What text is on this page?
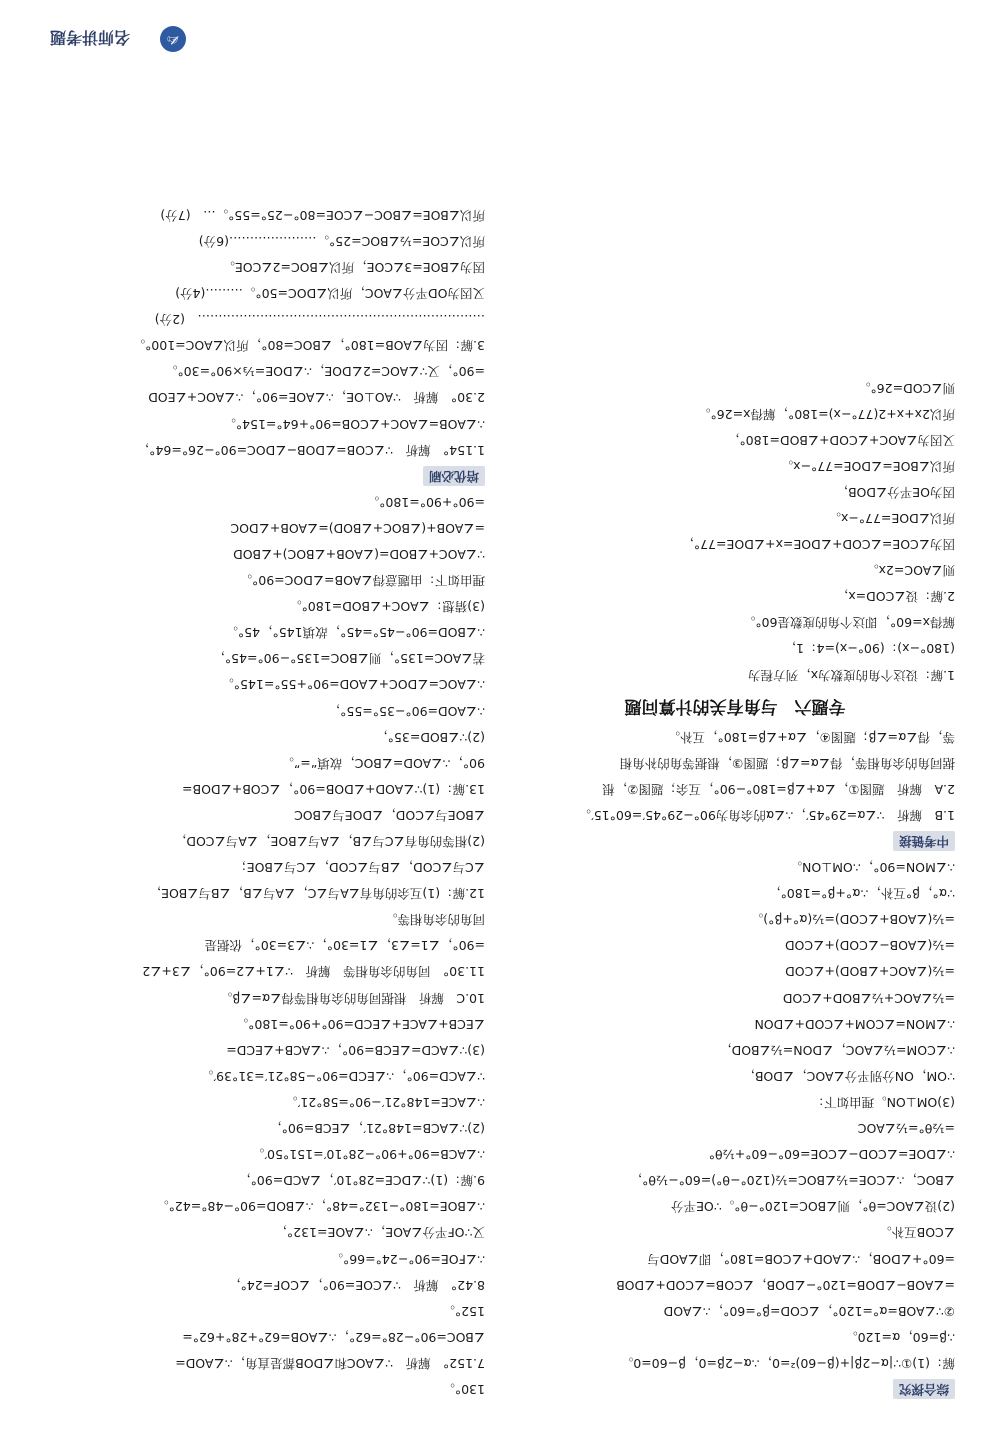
综合探究
解：(1)①∵|α−2β|+(β−60)²=0，∴α−2β=0，β−60=0。
∴β=60，α=120。
②∵∠AOB=α°=120°，∠COD=β°=60°，∴∠AOD
=∠AOB−∠DOB=120°−∠DOB，∠COB=∠COD+∠DOB
=60°+∠DOB，∴∠AOD+∠COB=180°，即∠AOD与
∠COB互补。
(2)设∠AOC=θ°，则∠BOC=120°−θ°。∵OE平分
∠BOC，∴∠COE=½∠BOC=½(120°−θ°)=60°−½θ°，
∴∠DOE=∠COD−∠COE=60°−60°+½θ°
=½θ°=½∠AOC
(3)OM⊥ON。理由如下：
∵OM，ON分别平分∠AOC，∠DOB，
∴∠COM=½∠AOC，∠DON=½∠BOD，
∴∠MON=∠COM+∠COD+∠DON
=½∠AOC+½∠BOD+∠COD
=½(∠AOC+∠BOD)+∠COD
=½(∠AOB−∠COD)+∠COD
=½(∠AOB+∠COD)=½(α°+β°)。
∵α°，β°互补，∴α°+β°=180°，
∴∠MON=90°，∴OM⊥ON。
中考链接
1.B　解析　∵∠α=29°45′，∴∠α的余角为90°−29°45′=60°15′。
2.A　解析　题图①，∠α+∠β=180°−90°，互余；题图②，根
据同角的余角相等，得∠α=∠β；题图③，根据等角的补角相
等，得∠α=∠β；题图④，∠α+∠β=180°，互补。
专题六　与角有关的计算问题
1.解：设这个角的度数为x，列方程为
(180°−x)：(90°−x)=4：1，
解得x=60°，即这个角的度数是60°。
2.解：设∠COD=x，
则∠AOC=2x。
因为∠COE=∠COD+∠DOE=x+∠DOE=77°，
所以∠DOE=77°−x。
因为OE平分∠DOB，
所以∠BOE=∠DOE=77°−x。
又因为∠AOC+∠COD+∠BOD=180°，
所以2x+x+2(77°−x)=180°，解得x=26°。
则∠COD=26°。
130°。
7.152°　解析　∵∠AOC和∠DOB都是直角，∴∠AOD=
∠BOC=90°−28°=62°，∴∠AOB=62°+28°+62°=
152°。
8.42°　解析　∵∠COE=90°，∠COF=24°，
∴∠FOE=90°−24°=66°。
又∵OF平分∠AOE，∴∠AOE=132°，
∴∠BOE=180°−132°=48°，∴∠BOD=90°−48°=42°。
9.解：(1)∵∠DCE=28°10′，∠ACD=90°，
∴∠ACB=90°+90°−28°10′=151°50′。
(2)∵∠ACB=148°21′，∠ECB=90°，
∴∠ACE=148°21′−90°=58°21′。
∵∠ACD=90°，∴∠ECD=90°−58°21′=31°39′。
(3)∵∠ACD=∠ECB=90°，∴∠ACB+∠ECD=
∠ECB+∠ACE+∠ECD=90°+90°=180°。
10.C　解析　根据同角的余角相等得∠α=∠β。
11.30°　同角的余角相等　解析　∵∠1+∠2=90°，∠3+∠2
=90°，∠1=∠3，∠1=30°，∴∠3=30°，依据是
同角的余角相等。
12.解：(1)互余的角有∠A与∠C，∠A与∠B，∠B与∠BOE，
∠C与∠COD，∠B与∠COD，∠C与∠BOE；
(2)相等的角有∠C与∠B，∠A与∠BOE，∠A与∠COD，
∠BOE与∠COD，∠DOE与∠BOC
13.解：(1)∵∠AOD+∠DOB=90°，∠COB+∠DOB=
90°，∴∠AOD=∠BOC，故填“=”。
(2)∵∠BOD=35°，
∴∠AOD=90°−35°=55°，
∴∠AOC=∠DOC+∠AOD=90°+55°=145°。
若∠AOC=135°，则∠BOC=135°−90°=45°，
∴∠BOD=90°−45°=45°，故填145°，45°。
(3)猜想：∠AOC+∠BOD=180°。
理由如下：由题意得∠AOB=∠DOC=90°。
∵∠AOC+∠BOD=(∠AOB+∠BOC)+∠BOD
=∠AOB+(∠BOC+∠BOD)=∠AOB+∠DOC
=90°+90°=180°。
培优必刷
1.154°　解析　∵∠COB=∠DOB−∠DOC=90°−26°=64°，
∴∠AOB=∠AOC+∠COB=90°+64°=154°。
2.30°　解析　∵AO⊥OE，∴∠AOE=90°，∴∠AOC+∠EOD
=90°，又∵∠AOC=2∠DOE，∴∠DOE=⅓×90°=30°。
3.解：因为∠AOB=180°，∠BOC=80°，所以∠AOC=100°。
……………………………………………………………　(2分)
又因为OD平分∠AOC，所以∠DOC=50°。………(4分)
因为∠BOE=3∠COE，所以∠BOC=2∠COE。
所以∠COE=½∠BOC=25°。…………………(6分)
所以∠BOE=∠BOC−∠COE=80°−25°=55°。…　(7分)
✍
名师讲考题
